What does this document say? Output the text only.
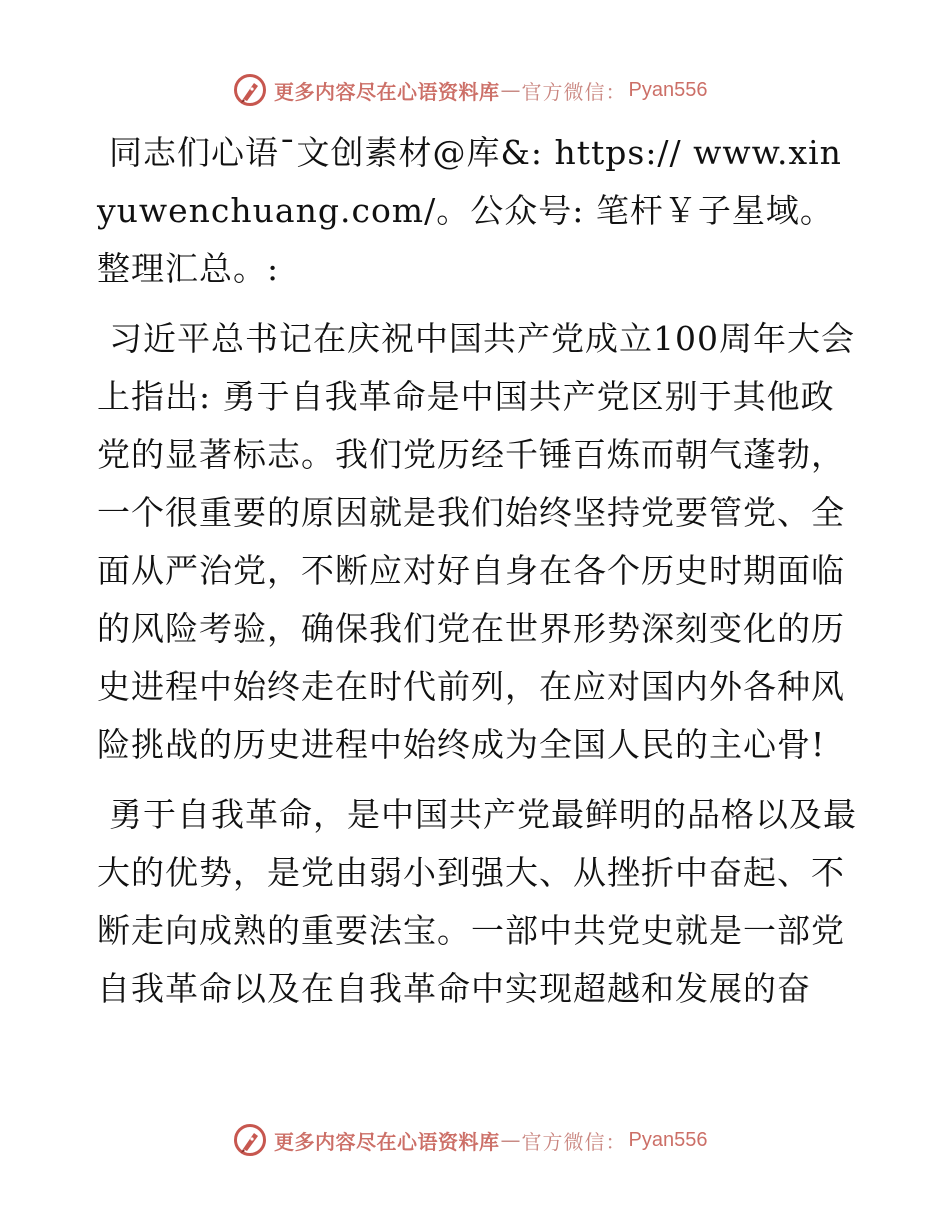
更多内容尽在心语资料库 — 官方微信： Pyan556

同志们心语¯文创素材@库&: https:// www.xinyuwenchuang.com/。公众号: 笔杆￥子星域。整理汇总。:

习近平总书记在庆祝中国共产党成立100周年大会上指出: 勇于自我革命是中国共产党区别于其他政党的显著标志。我们党历经千锤百炼而朝气蓬勃，一个很重要的原因就是我们始终坚持党要管党、全面从严治党，不断应对好自身在各个历史时期面临的风险考验，确保我们党在世界形势深刻变化的历史进程中始终走在时代前列，在应对国内外各种风险挑战的历史进程中始终成为全国人民的主心骨!

勇于自我革命，是中国共产党最鲜明的品格以及最大的优势，是党由弱小到强大、从挫折中奋起、不断走向成熟的重要法宝。一部中共党史就是一部党自我革命以及在自我革命中实现超越和发展的奋

更多内容尽在心语资料库 — 官方微信： Pyan556
